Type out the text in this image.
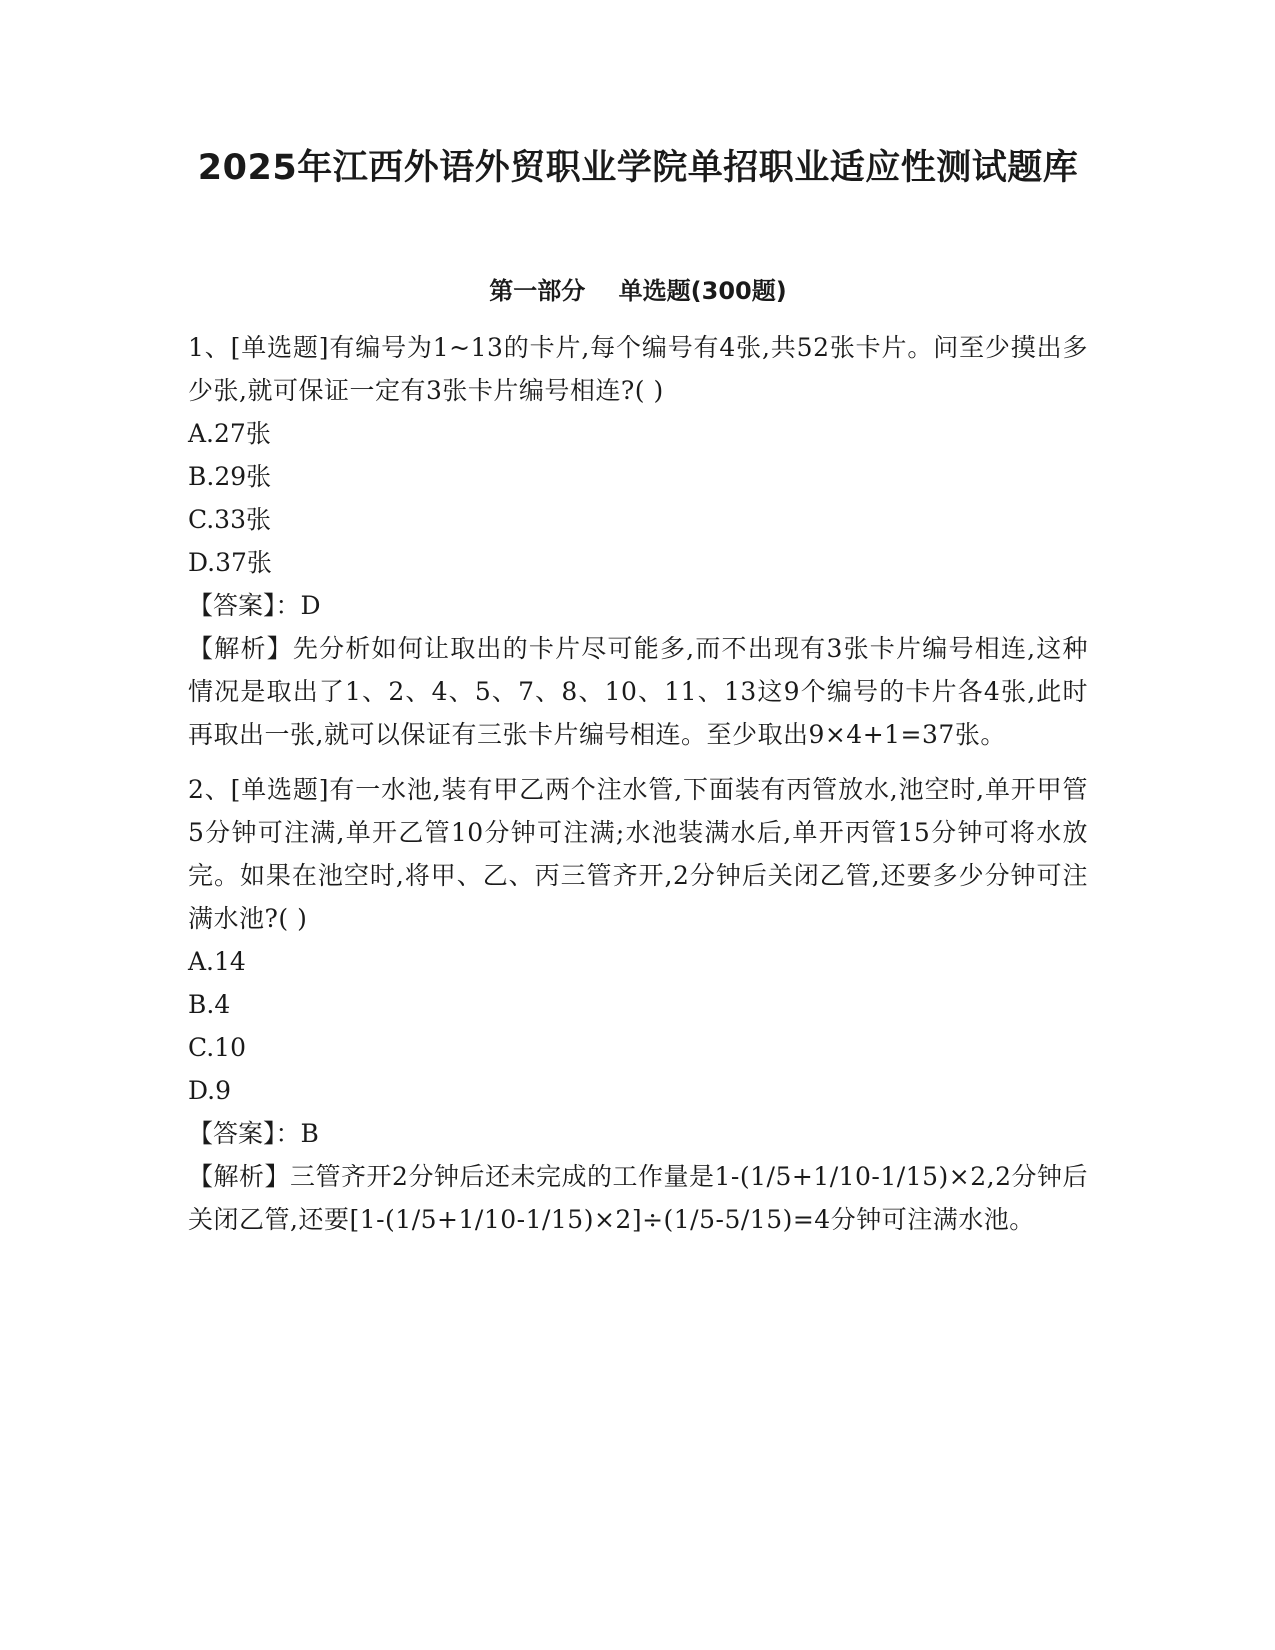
2025年江西外语外贸职业学院单招职业适应性测试题库
第一部分    单选题(300题)

1、[单选题]有编号为1~13的卡片,每个编号有4张,共52张卡片。问至少摸出多少张,就可保证一定有3张卡片编号相连?( )

A.27张
B.29张
C.33张
D.37张

【答案】：D

【解析】先分析如何让取出的卡片尽可能多,而不出现有3张卡片编号相连,这种情况是取出了1、2、4、5、7、8、10、11、13这9个编号的卡片各4张,此时再取出一张,就可以保证有三张卡片编号相连。至少取出9×4+1=37张。

2、[单选题]有一水池,装有甲乙两个注水管,下面装有丙管放水,池空时,单开甲管5分钟可注满,单开乙管10分钟可注满;水池装满水后,单开丙管15分钟可将水放完。如果在池空时,将甲、乙、丙三管齐开,2分钟后关闭乙管,还要多少分钟可注满水池?( )

A.14
B.4
C.10
D.9

【答案】：B

【解析】三管齐开2分钟后还未完成的工作量是1-(1/5+1/10-1/15)×2,2分钟后关闭乙管,还要[1-(1/5+1/10-1/15)×2]÷(1/5-5/15)=4分钟可注满水池。
